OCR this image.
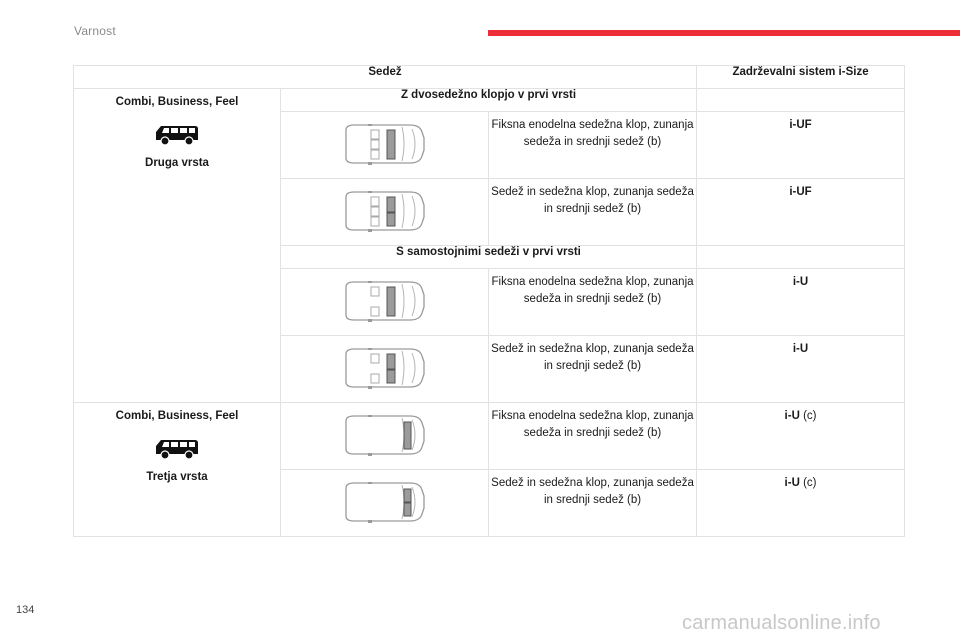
Varnost
Sedež			Zadrževalni sistem i-Size

Combi, Business, Feel
Druga vrsta	Z dvosedežno klopjo v prvi vrsti		

	Fiksna enodelna sedežna klop, zunanja sedeža in srednji sedež (b)	i-UF

	Sedež in sedežna klop, zunanja sedeža in srednji sedež (b)	i-UF
	S samostojnimi sedeži v prvi vrsti		

	Fiksna enodelna sedežna klop, zunanja sedeža in srednji sedež (b)	i-U

	Sedež in sedežna klop, zunanja sedeža in srednji sedež (b)	i-U

Combi, Business, Feel
Tretja vrsta		Fiksna enodelna sedežna klop, zunanja sedeža in srednji sedež (b)	i-U (c)

	Sedež in sedežna klop, zunanja sedeža in srednji sedež (b)	i-U (c)
134
carmanualsonline.info
